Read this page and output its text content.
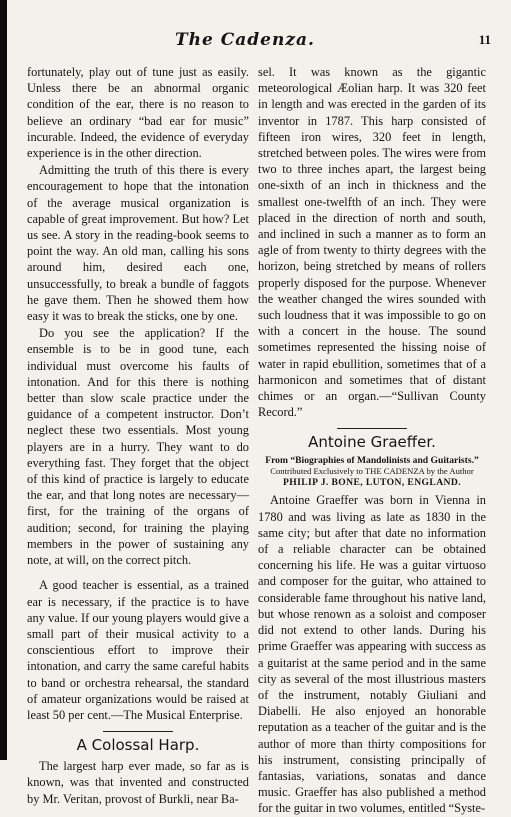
The Cadenza.	11

fortunately, play out of tune just as easily. Unless there be an abnormal organic condition of the ear, there is no reason to believe an ordinary “bad ear for music” incurable. Indeed, the evidence of everyday experience is in the other direction.

Admitting the truth of this there is every encouragement to hope that the intonation of the average musical organization is capable of great improvement. But how? Let us see. A story in the reading-book seems to point the way. An old man, calling his sons around him, desired each one, unsuccessfully, to break a bundle of faggots he gave them. Then he showed them how easy it was to break the sticks, one by one.

Do you see the application? If the ensemble is to be in good tune, each individual must overcome his faults of intonation. And for this there is nothing better than slow scale practice under the guidance of a competent instructor. Don’t neglect these two essentials. Most young players are in a hurry. They want to do everything fast. They forget that the object of this kind of practice is largely to educate the ear, and that long notes are necessary—first, for the training of the organs of audition; second, for training the playing members in the power of sustaining any note, at will, on the correct pitch.

A good teacher is essential, as a trained ear is necessary, if the practice is to have any value. If our young players would give a small part of their musical activity to a conscientious effort to improve their intonation, and carry the same careful habits to band or orchestra rehearsal, the standard of amateur organizations would be raised at least 50 per cent.—The Musical Enterprise.

A Colossal Harp.

The largest harp ever made, so far as is known, was that invented and constructed by Mr. Veritan, provost of Burkli, near Ba-

sel. It was known as the gigantic meteorological Æolian harp. It was 320 feet in length and was erected in the garden of its inventor in 1787. This harp consisted of fifteen iron wires, 320 feet in length, stretched between poles. The wires were from two to three inches apart, the largest being one-sixth of an inch in thickness and the smallest one-twelfth of an inch. They were placed in the direction of north and south, and inclined in such a manner as to form an agle of from twenty to thirty degrees with the horizon, being stretched by means of rollers properly disposed for the purpose. Whenever the weather changed the wires sounded with such loudness that it was impossible to go on with a concert in the house. The sound sometimes represented the hissing noise of water in rapid ebullition, sometimes that of a harmonicon and sometimes that of distant chimes or an organ.—“Sullivan County Record.”

Antoine Graeffer.
From “Biographies of Mandolinists and Guitarists.”
Contributed Exclusively to THE CADENZA by the Author
PHILIP J. BONE, LUTON, ENGLAND.

Antoine Graeffer was born in Vienna in 1780 and was living as late as 1830 in the same city; but after that date no information of a reliable character can be obtained concerning his life. He was a guitar virtuoso and composer for the guitar, who attained to considerable fame throughout his native land, but whose renown as a soloist and composer did not extend to other lands. During his prime Graeffer was appearing with success as a guitarist at the same period and in the same city as several of the most illustrious masters of the instrument, notably Giuliani and Diabelli. He also enjoyed an honorable reputation as a teacher of the guitar and is the author of more than thirty compositions for his instrument, consisting principally of fantasias, variations, sonatas and dance music. Graeffer has also published a method for the guitar in two volumes, entitled “Syste-
